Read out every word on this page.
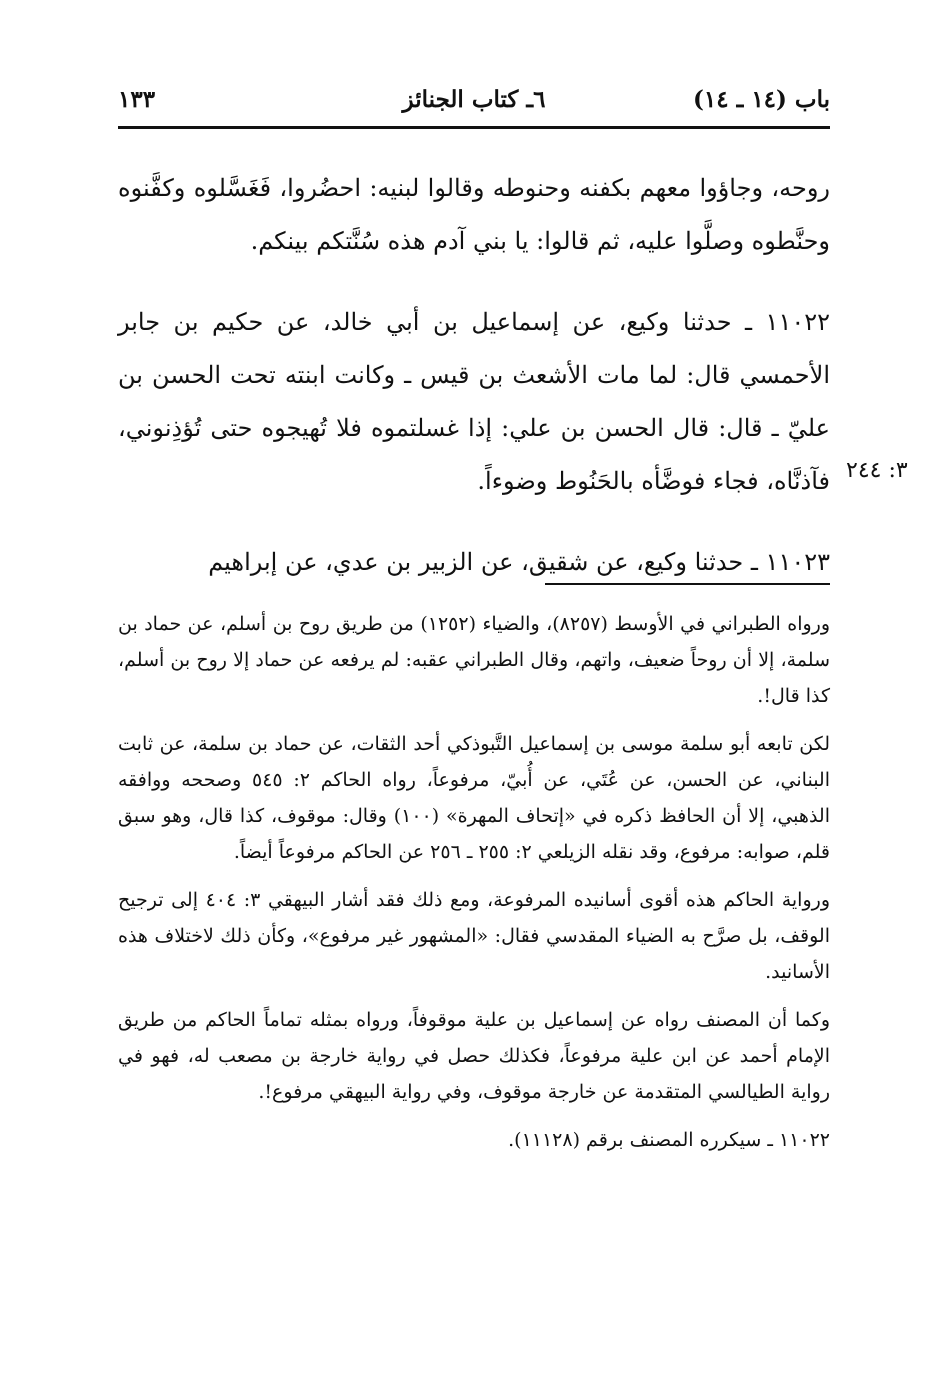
باب (١٤ ـ ١٤)
٦ـ كتاب الجنائز
١٣٣

روحه، وجاؤوا معهم بكفنه وحنوطه وقالوا لبنيه: احضُروا، فَغَسَّلوه وكفَّنوه وحنَّطوه وصلَّوا عليه، ثم قالوا: يا بني آدم هذه سُنَّتكم بينكم.

١١٠٢٢ ـ حدثنا وكيع، عن إسماعيل بن أبي خالد، عن حكيم بن جابر الأحمسي قال: لما مات الأشعث بن قيس ـ وكانت ابنته تحت الحسن بن عليّ ـ قال: قال الحسن بن علي: إذا غسلتموه فلا تُهيجوه حتى تُؤذِنوني، فآذنَّاه، فجاء فوضَّأه بالحَنُوط وضوءاً.

١١٠٢٣ ـ حدثنا وكيع، عن شقيق، عن الزبير بن عدي، عن إبراهيم

٣: ٢٤٤

ورواه الطبراني في الأوسط (٨٢٥٧)، والضياء (١٢٥٢) من طريق روح بن أسلم، عن حماد بن سلمة، إلا أن روحاً ضعيف، واتهم، وقال الطبراني عقبه: لم يرفعه عن حماد إلا روح بن أسلم، كذا قال!.

لكن تابعه أبو سلمة موسى بن إسماعيل التَّبوذكي أحد الثقات، عن حماد بن سلمة، عن ثابت البناني، عن الحسن، عن عُتَي، عن أُبيّ، مرفوعاً، رواه الحاكم ٢: ٥٤٥ وصححه ووافقه الذهبي، إلا أن الحافظ ذكره في «إتحاف المهرة» (١٠٠) وقال: موقوف، كذا قال، وهو سبق قلم، صوابه: مرفوع، وقد نقله الزيلعي ٢: ٢٥٥ ـ ٢٥٦ عن الحاكم مرفوعاً أيضاً.

ورواية الحاكم هذه أقوى أسانيده المرفوعة، ومع ذلك فقد أشار البيهقي ٣: ٤٠٤ إلى ترجيح الوقف، بل صرَّح به الضياء المقدسي فقال: «المشهور غير مرفوع»، وكأن ذلك لاختلاف هذه الأسانيد.

وكما أن المصنف رواه عن إسماعيل بن علية موقوفاً، ورواه بمثله تماماً الحاكم من طريق الإمام أحمد عن ابن علية مرفوعاً، فكذلك حصل في رواية خارجة بن مصعب له، فهو في رواية الطيالسي المتقدمة عن خارجة موقوف، وفي رواية البيهقي مرفوع!.

١١٠٢٢ ـ سيكرره المصنف برقم (١١١٢٨).
